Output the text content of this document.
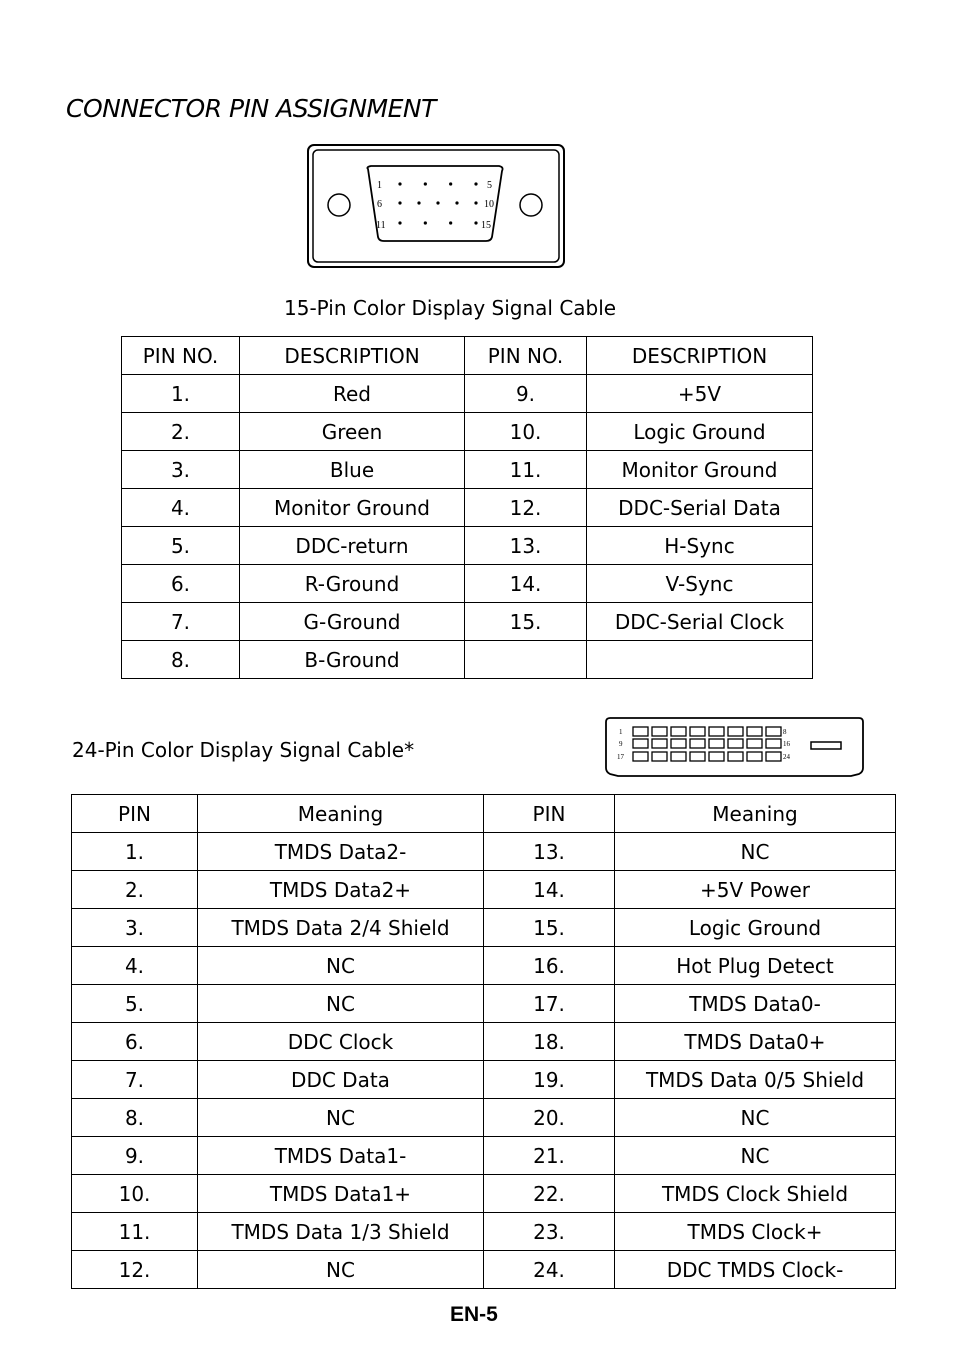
CONNECTOR PIN ASSIGNMENT
1	5
6	10
11	15
15-Pin Color Display Signal Cable
PIN NO.	DESCRIPTION	PIN NO.	DESCRIPTION
1.	Red	9.	+5V
2.	Green	10.	Logic Ground
3.	Blue	11.	Monitor Ground
4.	Monitor Ground	12.	DDC-Serial Data
5.	DDC-return	13.	H-Sync
6.	R-Ground	14.	V-Sync
7.	G-Ground	15.	DDC-Serial Clock
8.	B-Ground		
24-Pin Color Display Signal Cable*
1	8
9	16
17	24
PIN	Meaning	PIN	Meaning
1.	TMDS Data2-	13.	NC
2.	TMDS Data2+	14.	+5V Power
3.	TMDS Data 2/4 Shield	15.	Logic Ground
4.	NC	16.	Hot Plug Detect
5.	NC	17.	TMDS Data0-
6.	DDC Clock	18.	TMDS Data0+
7.	DDC Data	19.	TMDS Data 0/5 Shield
8.	NC	20.	NC
9.	TMDS Data1-	21.	NC
10.	TMDS Data1+	22.	TMDS Clock Shield
11.	TMDS Data 1/3 Shield	23.	TMDS Clock+
12.	NC	24.	DDC TMDS Clock-
EN-5
